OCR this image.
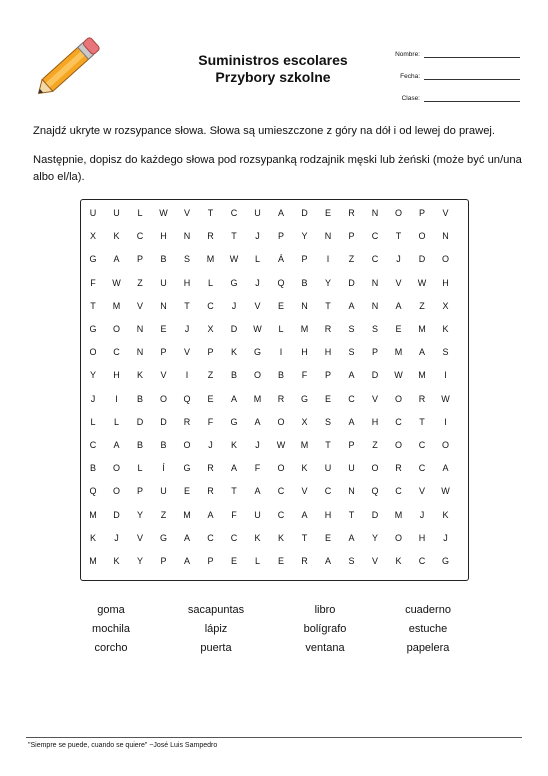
Suministros escolares
Przybory szkolne
Nombre:
Fecha:
Clase:
Znajdź ukryte w rozsypance słowa. Słowa są umieszczone z góry na dół i od lewej do prawej.
Następnie, dopisz do każdego słowa pod rozsypanką rodzajnik męski lub żeński (może być un/una albo el/la).
U	U	L	W	V	T	C	U	A	D	E	R	N	O	P	V
X	K	C	H	N	R	T	J	P	Y	N	P	C	T	O	N
G	A	P	B	S	M	W	L	Á	P	I	Z	C	J	D	O
F	W	Z	U	H	L	G	J	Q	B	Y	D	N	V	W	H
T	M	V	N	T	C	J	V	E	N	T	A	N	A	Z	X
G	O	N	E	J	X	D	W	L	M	R	S	S	E	M	K
O	C	N	P	V	P	K	G	I	H	H	S	P	M	A	S
Y	H	K	V	I	Z	B	O	B	F	P	A	D	W	M	I
J	I	B	O	Q	E	A	M	R	G	E	C	V	O	R	W
L	L	D	D	R	F	G	A	O	X	S	A	H	C	T	I
C	A	B	B	O	J	K	J	W	M	T	P	Z	O	C	O
B	O	L	Í	G	R	A	F	O	K	U	U	O	R	C	A
Q	O	P	U	E	R	T	A	C	V	C	N	Q	C	V	W
M	D	Y	Z	M	A	F	U	C	A	H	T	D	M	J	K
K	J	V	G	A	C	C	K	K	T	E	A	Y	O	H	J
M	K	Y	P	A	P	E	L	E	R	A	S	V	K	C	G
goma	sacapuntas	libro	cuaderno
mochila	lápiz	bolígrafo	estuche
corcho	puerta	ventana	papelera
"Siempre se puede, cuando se quiere" ~José Luis Sampedro
